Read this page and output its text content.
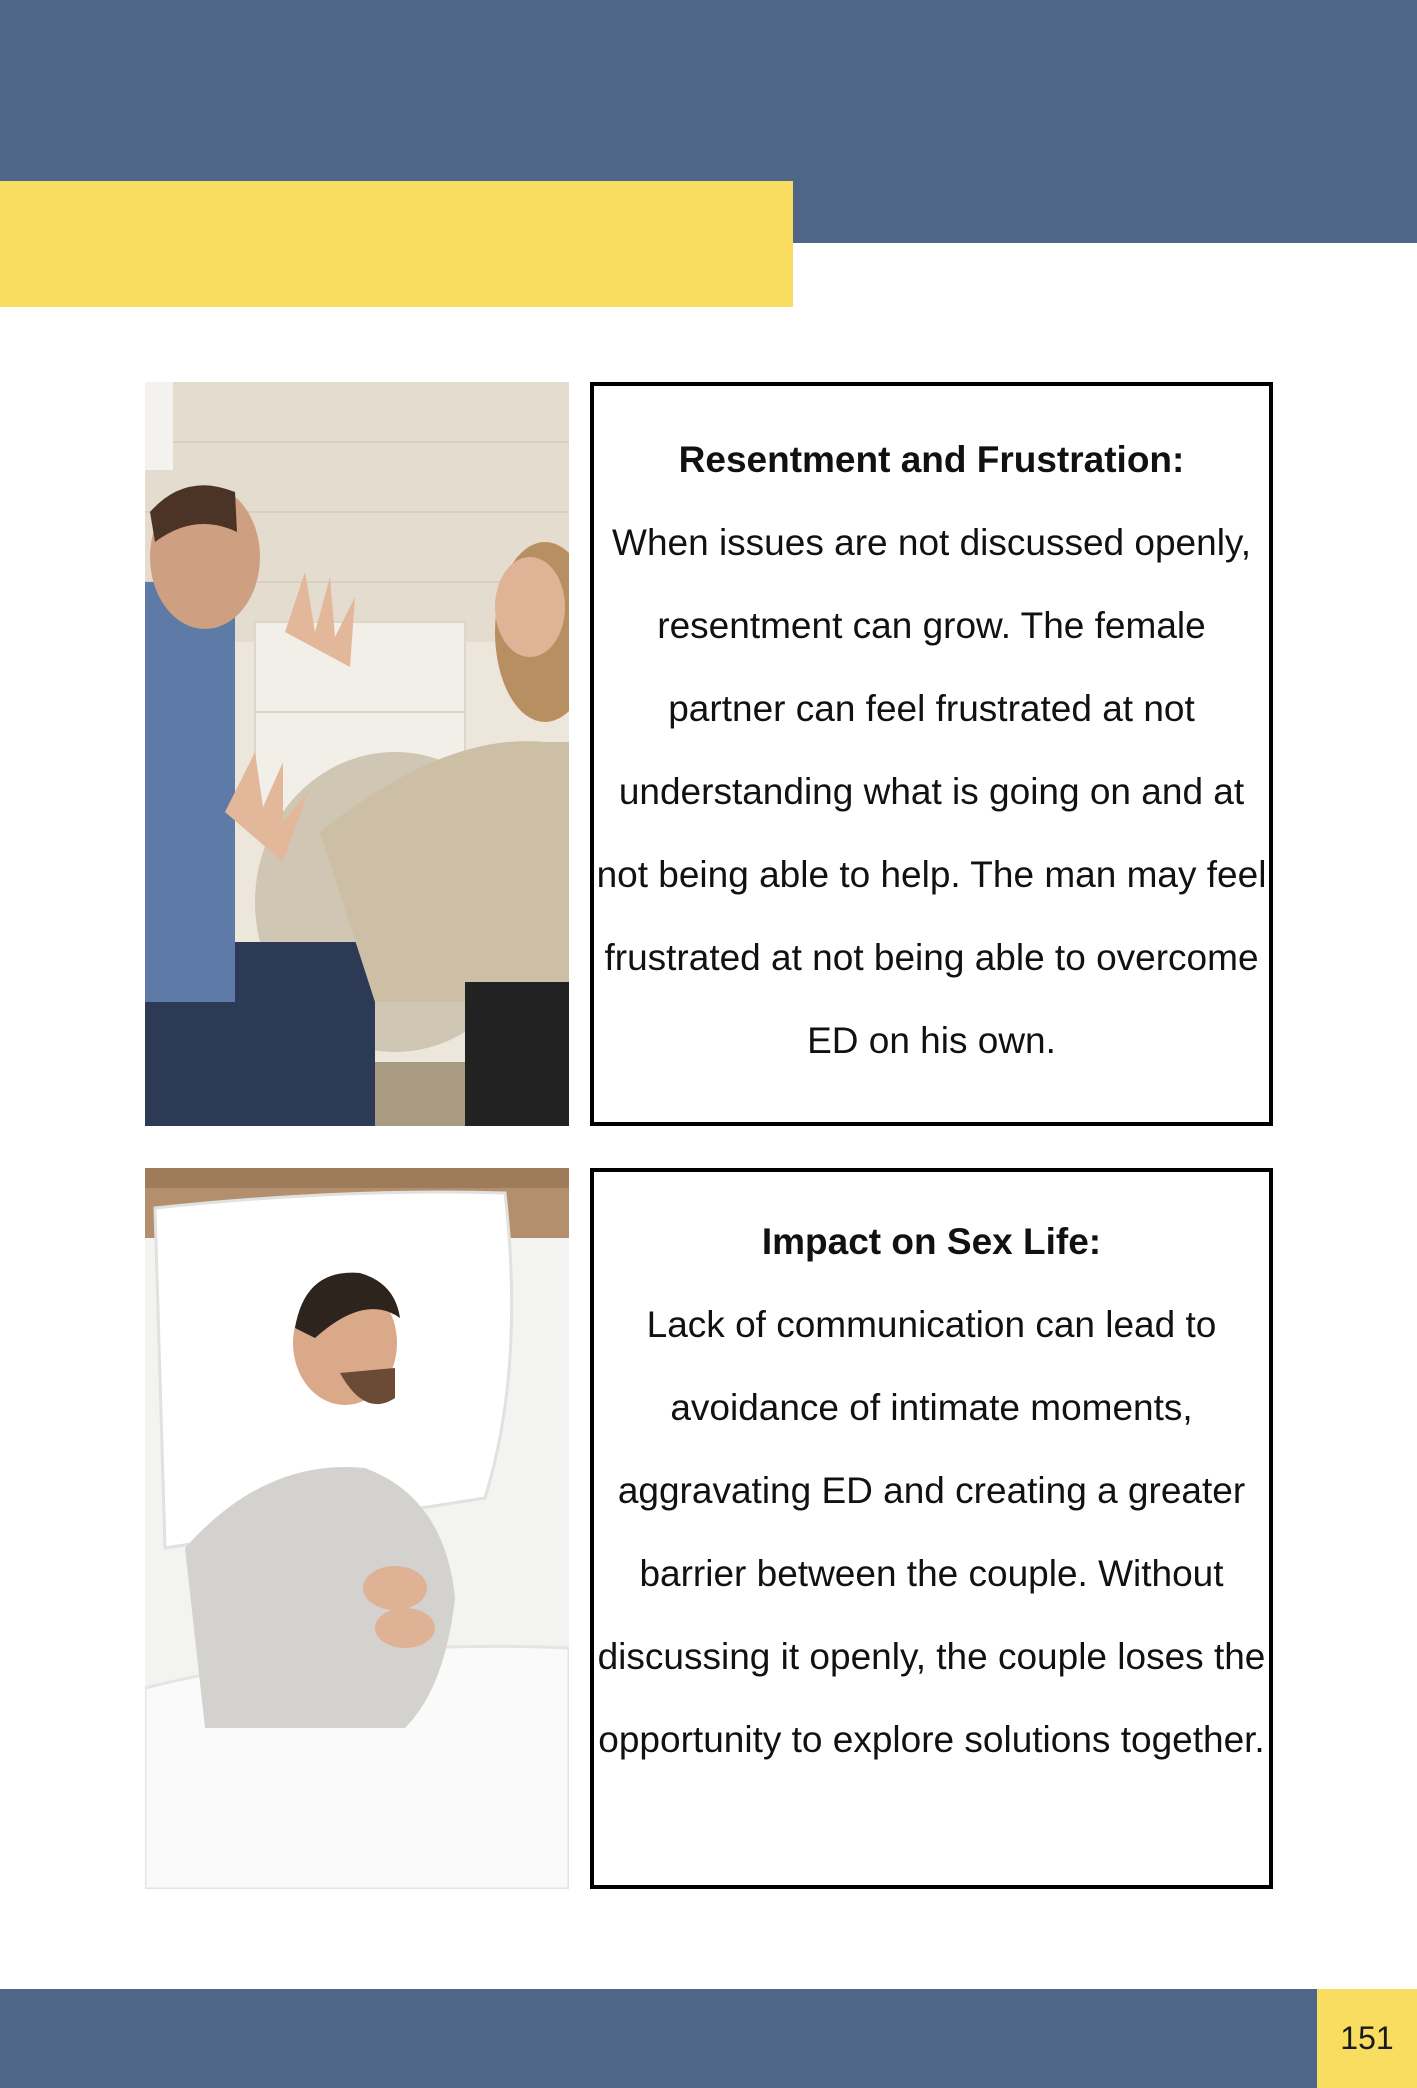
Resentment and Frustration:

When issues are not discussed openly, resentment can grow. The female partner can feel frustrated at not understanding what is going on and at not being able to help. The man may feel frustrated at not being able to overcome ED on his own.

Impact on Sex Life:

Lack of communication can lead to avoidance of intimate moments, aggravating ED and creating a greater barrier between the couple. Without discussing it openly, the couple loses the opportunity to explore solutions together.

151
